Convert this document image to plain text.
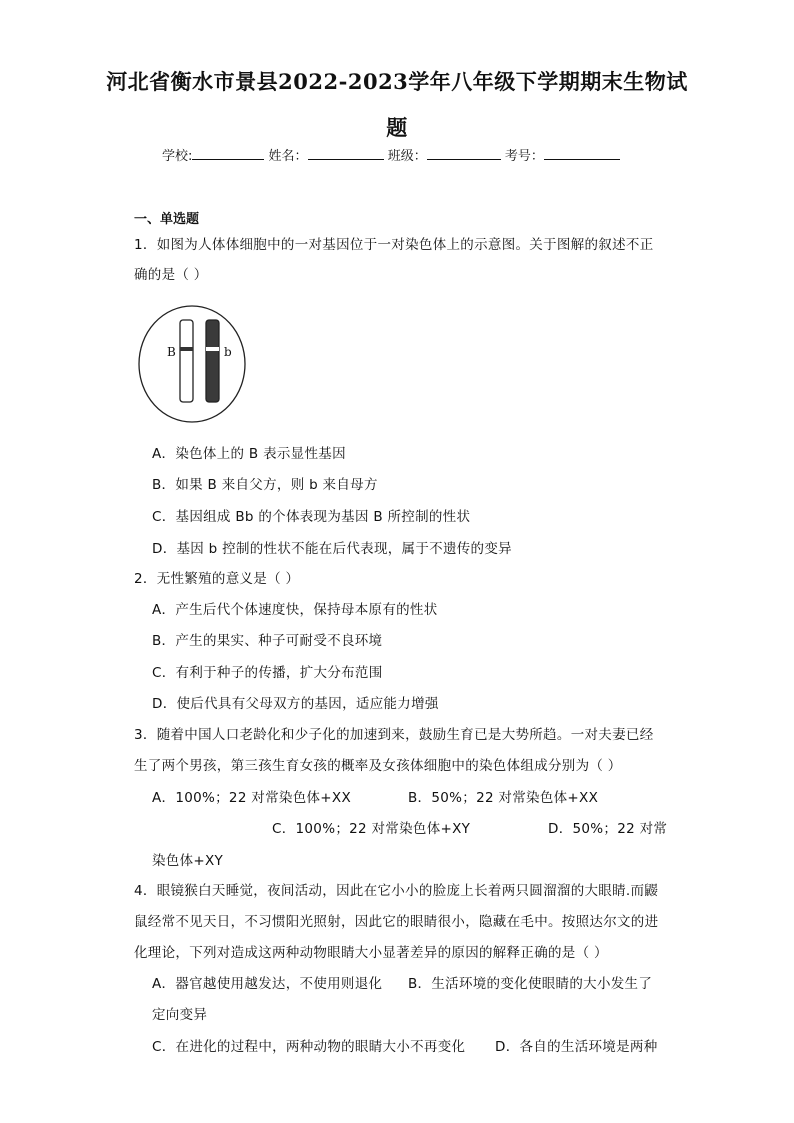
河北省衡水市景县2022-2023学年八年级下学期期末生物试
题
学校:	姓名：	班级：	考号：
一、单选题
1．如图为人体体细胞中的一对基因位于一对染色体上的示意图。关于图解的叙述不正
确的是（ ）
B	b
A．染色体上的 B 表示显性基因
B．如果 B 来自父方，则 b 来自母方
C．基因组成 Bb 的个体表现为基因 B 所控制的性状
D．基因 b 控制的性状不能在后代表现，属于不遗传的变异
2．无性繁殖的意义是（ ）
A．产生后代个体速度快，保持母本原有的性状
B．产生的果实、种子可耐受不良环境
C．有利于种子的传播，扩大分布范围
D．使后代具有父母双方的基因，适应能力增强
3．随着中国人口老龄化和少子化的加速到来，鼓励生育已是大势所趋。一对夫妻已经
生了两个男孩，第三孩生育女孩的概率及女孩体细胞中的染色体组成分别为（ ）
A．100%；22 对常染色体+XX	B．50%；22 对常染色体+XX
C．100%；22 对常染色体+XY	D．50%；22 对常
染色体+XY
4．眼镜猴白天睡觉，夜间活动，因此在它小小的脸庞上长着两只圆溜溜的大眼睛.而鼹
鼠经常不见天日，不习惯阳光照射，因此它的眼睛很小，隐藏在毛中。按照达尔文的进
化理论，下列对造成这两种动物眼睛大小显著差异的原因的解释正确的是（ ）
A．器官越使用越发达，不使用则退化 B．生活环境的变化使眼睛的大小发生了
定向变异
C．在进化的过程中，两种动物的眼睛大小不再变化 D．各自的生活环境是两种
